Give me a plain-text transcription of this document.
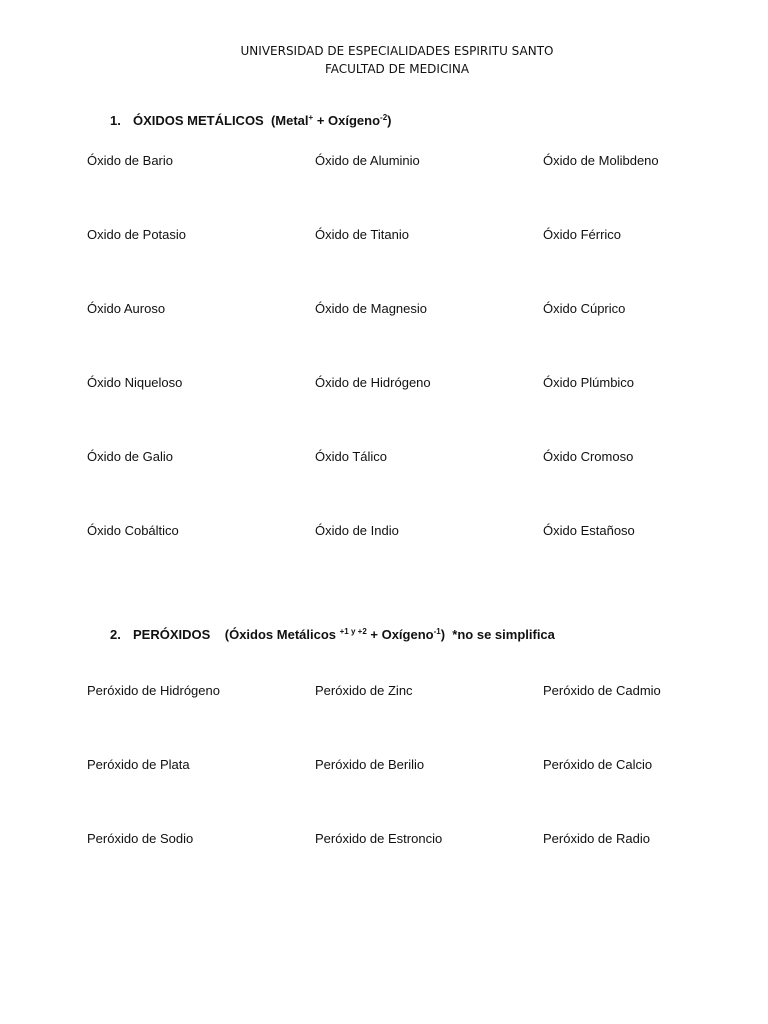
UNIVERSIDAD DE ESPECIALIDADES ESPIRITU SANTO
FACULTAD DE MEDICINA
1. ÓXIDOS METÁLICOS (Metal+ + Oxígeno$^{-2}$)
Óxido de Bario	Óxido de Aluminio	Óxido de Molibdeno
Oxido de Potasio	Óxido de Titanio	Óxido Férrico
Óxido Auroso	Óxido de Magnesio	Óxido Cúprico
Óxido Niqueloso	Óxido de Hidrógeno	Óxido Plúmbico
Óxido de Galio	Óxido Tálico	Óxido Cromoso
Óxido Cobáltico	Óxido de Indio	Óxido Estañoso
2. PERÓXIDOS (Óxidos Metálicos $^{+1 y +2}$ + Oxígeno$^{-1}$) *no se simplifica
Peróxido de Hidrógeno	Peróxido de Zinc	Peróxido de Cadmio
Peróxido de Plata	Peróxido de Berilio	Peróxido de Calcio
Peróxido de Sodio	Peróxido de Estroncio	Peróxido de Radio
